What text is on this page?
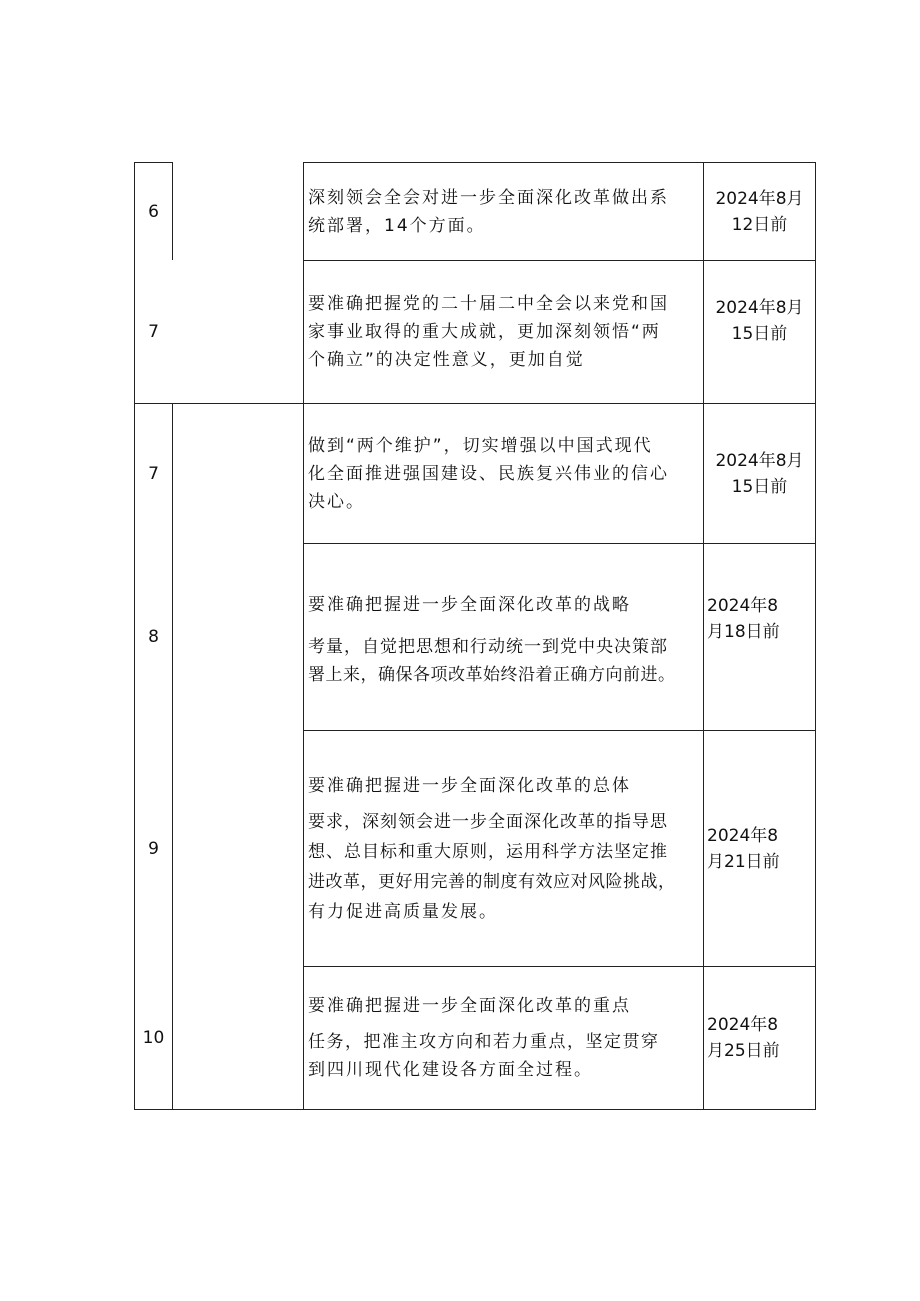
6

深刻领会全会对进一步全面深化改革做出系

统部署，14个方面。

2024年8月

12日前

7

要准确把握党的二十届二中全会以来党和国

家事业取得的重大成就，更加深刻领悟“两

个确立”的决定性意义，更加自觉

2024年8月

15日前

7

做到“两个维护”，切实增强以中国式现代

化全面推进强国建设、民族复兴伟业的信心

决心。

2024年8月

15日前

8

要准确把握进一步全面深化改革的战略

考量，自觉把思想和行动统一到党中央决策部

署上来，确保各项改革始终沿着正确方向前进。

2024年8

月18日前

9

要准确把握进一步全面深化改革的总体

要求，深刻领会进一步全面深化改革的指导思

想、总目标和重大原则，运用科学方法坚定推

进改革，更好用完善的制度有效应对风险挑战，

有力促进高质量发展。

2024年8

月21日前

10

要准确把握进一步全面深化改革的重点

任务，把准主攻方向和若力重点，坚定贯穿

到四川现代化建设各方面全过程。

2024年8

月25日前
